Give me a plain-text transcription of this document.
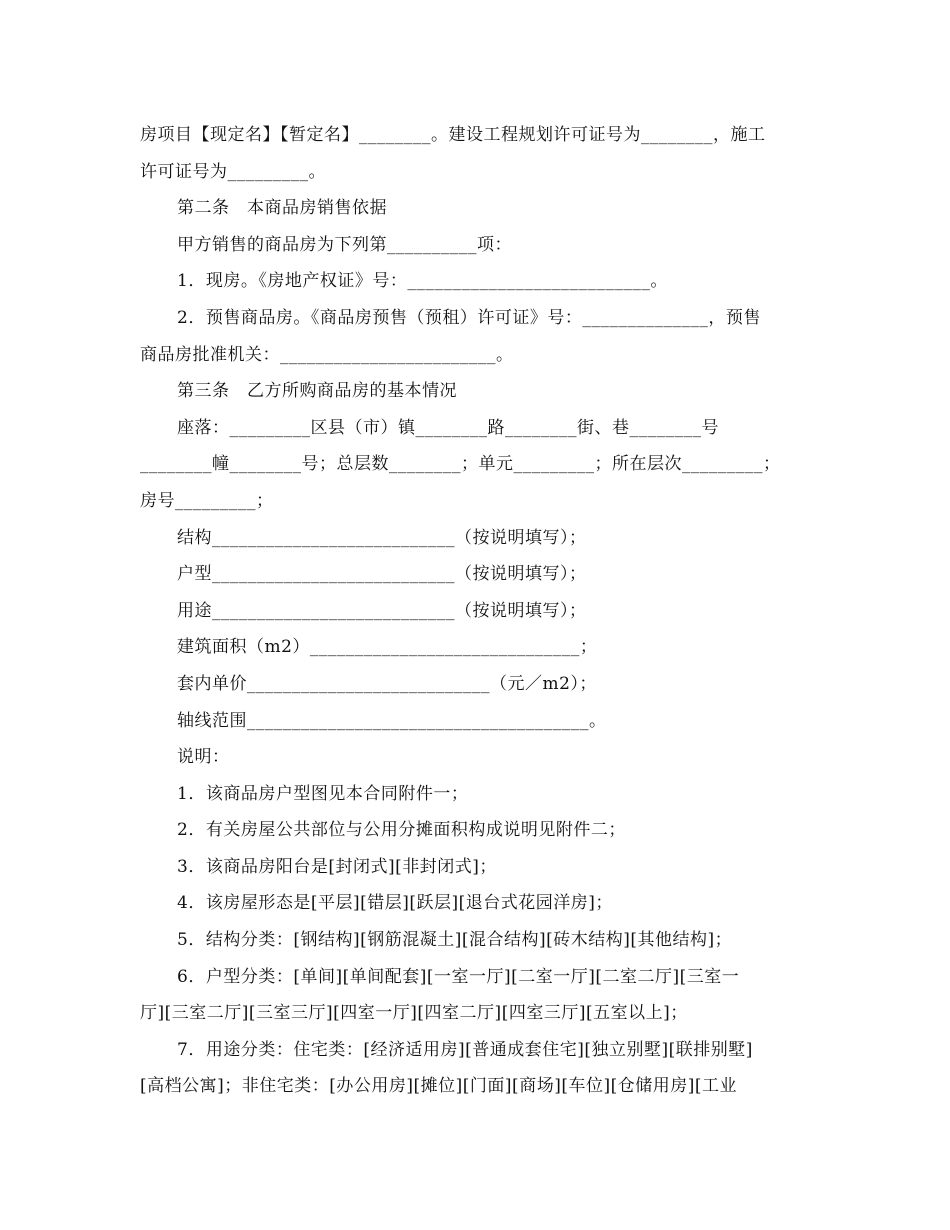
房项目【现定名】【暂定名】________。建设工程规划许可证号为________，施工
许可证号为_________。
第二条　本商品房销售依据
甲方销售的商品房为下列第__________项：
1．现房。《房地产权证》号：___________________________。
2．预售商品房。《商品房预售（预租）许可证》号：______________，预售
商品房批准机关：________________________。
第三条　乙方所购商品房的基本情况
座落：_________区县（市）镇________路________街、巷________号
________幢________号；总层数________；单元_________；所在层次_________；
房号_________；
结构___________________________（按说明填写）；
户型___________________________（按说明填写）；
用途___________________________（按说明填写）；
建筑面积（m2）______________________________；
套内单价___________________________（元／m2）；
轴线范围______________________________________。
说明：
1．该商品房户型图见本合同附件一；
2．有关房屋公共部位与公用分摊面积构成说明见附件二；
3．该商品房阳台是[封闭式][非封闭式]；
4．该房屋形态是[平层][错层][跃层][退台式花园洋房]；
5．结构分类：[钢结构][钢筋混凝土][混合结构][砖木结构][其他结构]；
6．户型分类：[单间][单间配套][一室一厅][二室一厅][二室二厅][三室一
厅][三室二厅][三室三厅][四室一厅][四室二厅][四室三厅][五室以上]；
7．用途分类：住宅类：[经济适用房][普通成套住宅][独立别墅][联排别墅]
[高档公寓]；非住宅类：[办公用房][摊位][门面][商场][车位][仓储用房][工业
